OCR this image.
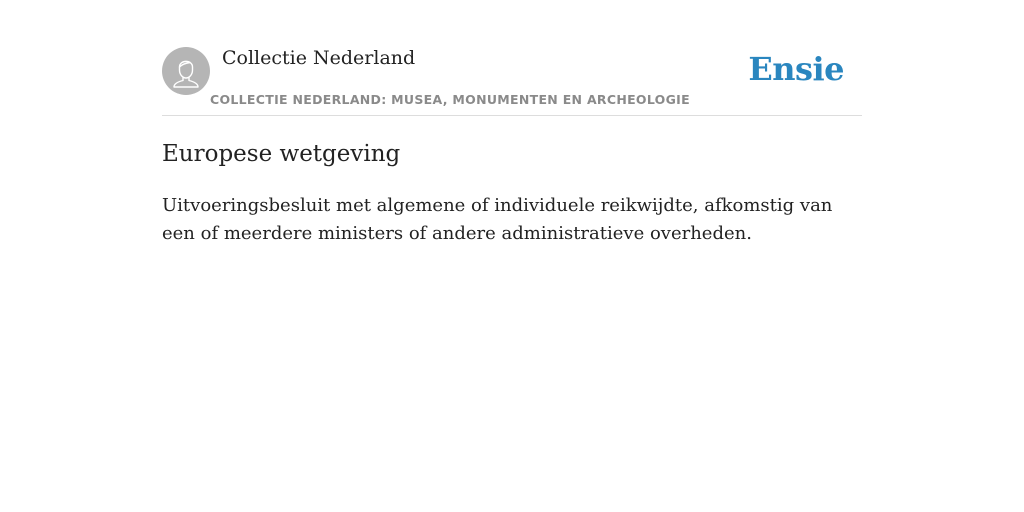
Collectie Nederland
COLLECTIE NEDERLAND: MUSEA, MONUMENTEN EN ARCHEOLOGIE
Ensie
Europese wetgeving

Uitvoeringsbesluit met algemene of individuele reikwijdte, afkomstig van een of meerdere ministers of andere administratieve overheden.
